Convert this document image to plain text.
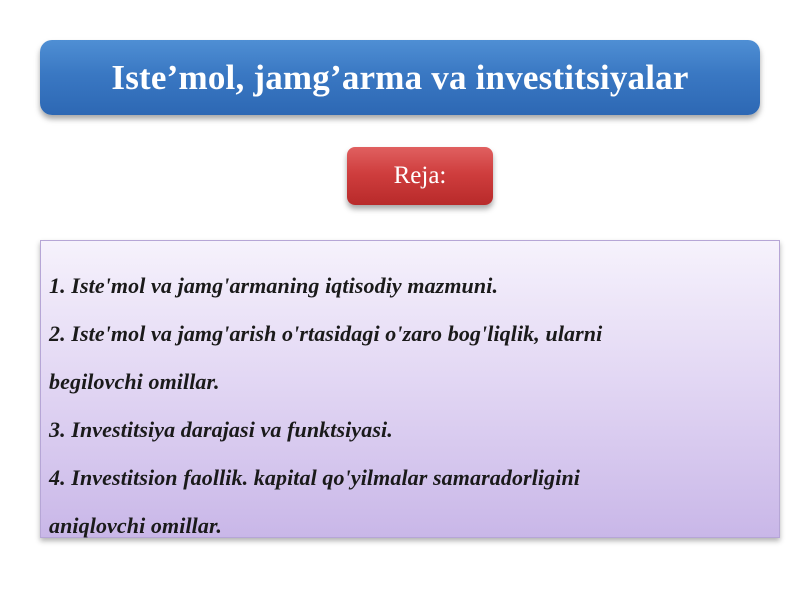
Iste’mol, jamg’arma va investitsiyalar
Reja:
1. Iste'mol va jamg'armaning iqtisodiy mazmuni.
2. Iste'mol va jamg'arish o'rtasidagi o'zaro bog'liqlik, ularni
begilovchi omillar.
3. Investitsiya darajasi va funktsiyasi.
4. Investitsion faollik. kapital qo'yilmalar samaradorligini
aniqlovchi omillar.
